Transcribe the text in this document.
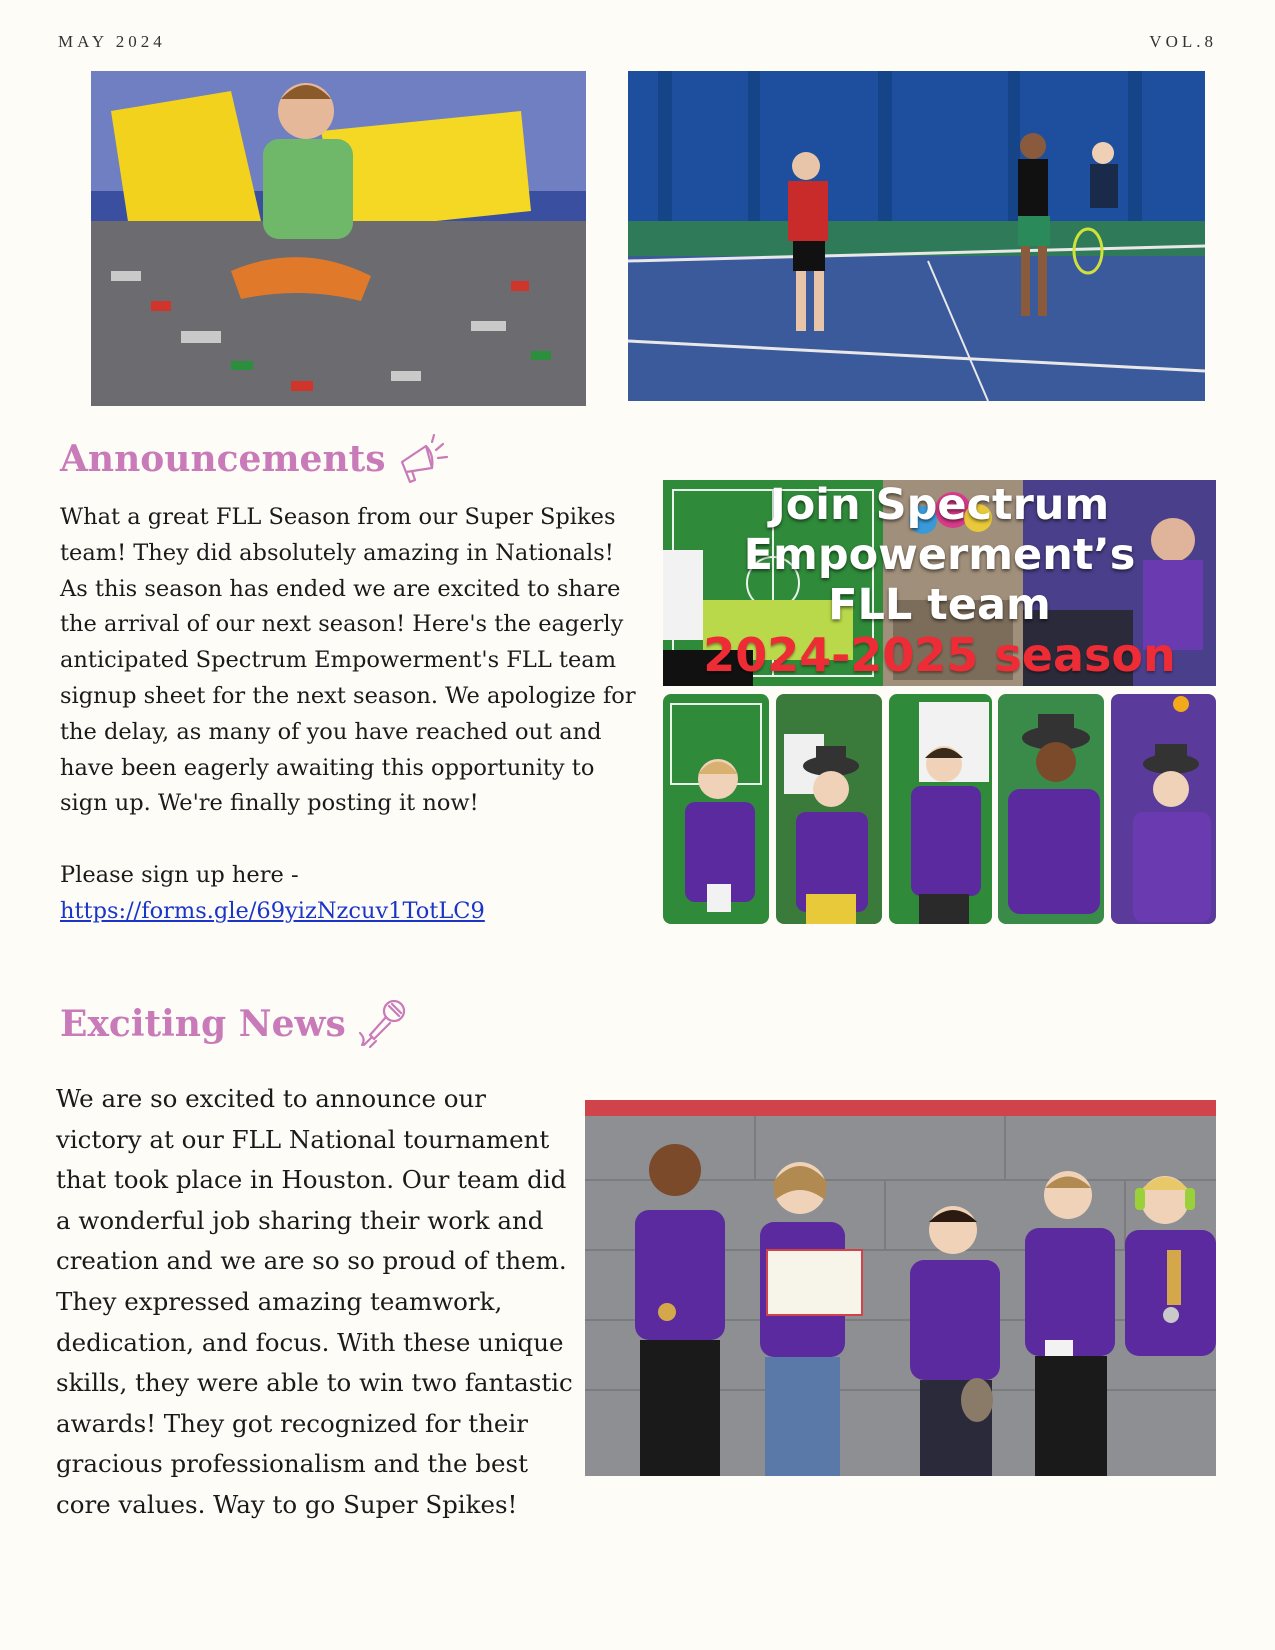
MAY 2024	VOL.8
Announcements

What a great FLL Season from our Super Spikes team! They did absolutely amazing in Nationals! As this season has ended we are excited to share the arrival of our next season! Here's the eagerly anticipated Spectrum Empowerment's FLL team signup sheet for the next season. We apologize for the delay, as many of you have reached out and have been eagerly awaiting this opportunity to sign up. We're finally posting it now!

Please sign up here -
https://forms.gle/69yizNzcuv1TotLC9
Join Spectrum
Empowerment’s
FLL team
2024-2025 season
Exciting News

We are so excited to announce our victory at our FLL National tournament that took place in Houston. Our team did a wonderful job sharing their work and creation and we are so so proud of them. They expressed amazing teamwork, dedication, and focus. With these unique skills, they were able to win two fantastic awards! They got recognized for their gracious professionalism and the best core values. Way to go Super Spikes!
